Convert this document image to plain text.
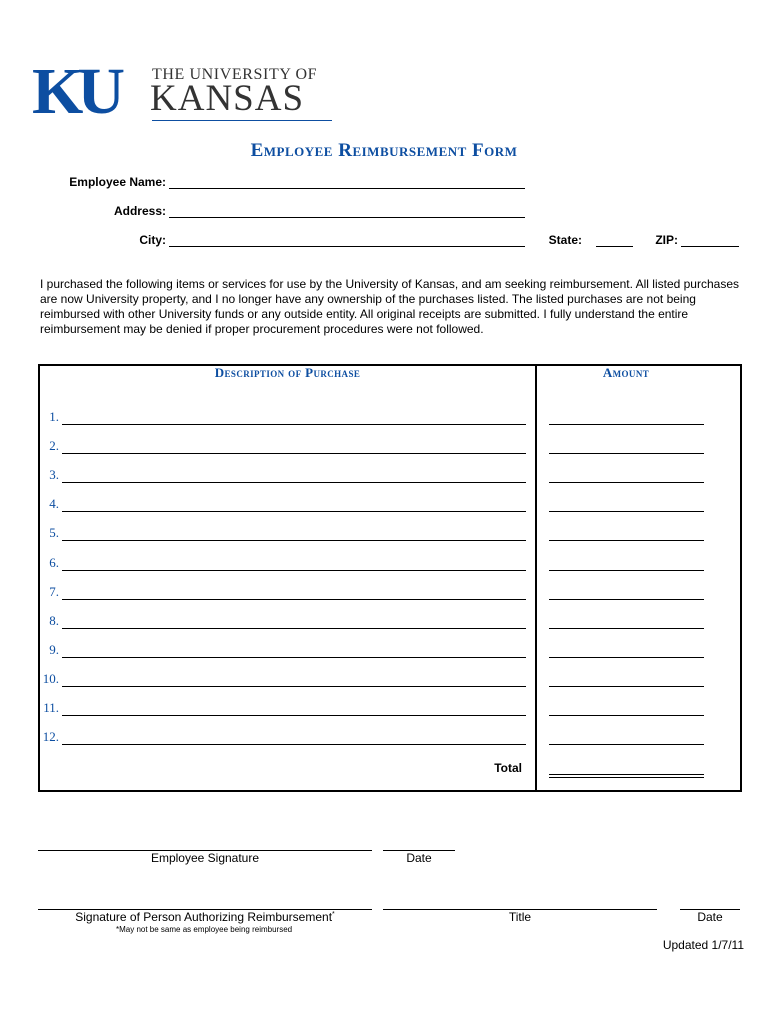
KU	THE UNIVERSITY OF
KANSAS
Employee Reimbursement Form
Employee Name:
Address:
City:	State:	ZIP:
I purchased the following items or services for use by the University of Kansas, and am seeking reimbursement. All listed purchases are now University property, and I no longer have any ownership of the purchases listed. The listed purchases are not being reimbursed with other University funds or any outside entity. All original receipts are submitted. I fully understand the entire reimbursement may be denied if proper procurement procedures were not followed.
Description of Purchase	Amount
1.
2.
3.
4.
5.
6.
7.
8.
9.
10.
11.
12.
Total
Employee Signature	Date
Signature of Person Authorizing Reimbursement*	Title	Date
*May not be same as employee being reimbursed
Updated 1/7/11
